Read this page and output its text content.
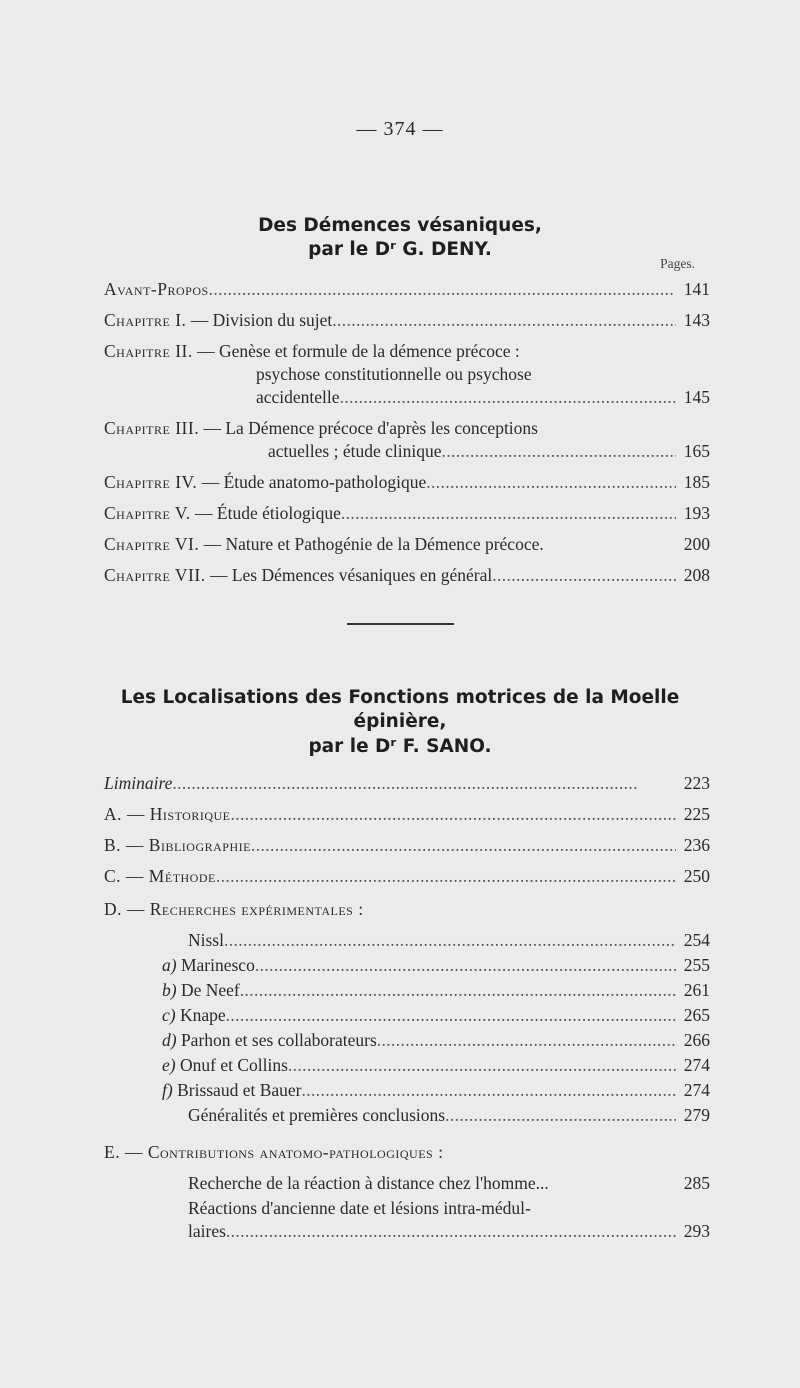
— 374 —
Des Démences vésaniques,
par le Dʳ G. DENY.
Pages.
Avant-Propos . . .	141
Chapitre I. — Division du sujet . . .	143
Chapitre II. — Genèse et formule de la démence précoce :
psychose constitutionnelle ou psychose
accidentelle . . .	145
Chapitre III. — La Démence précoce d'après les conceptions
actuelles ; étude clinique . . .	165
Chapitre IV. — Étude anatomo-pathologique . . .	185
Chapitre V. — Étude étiologique . . .	193
Chapitre VI. — Nature et Pathogénie de la Démence précoce.	200
Chapitre VII. — Les Démences vésaniques en général . . .	208
Les Localisations des Fonctions motrices de la Moelle
épinière,
par le Dʳ F. SANO.
Liminaire . . .	223
A. — Historique . . .	225
B. — Bibliographie . . .	236
C. — Méthode . . .	250
D. — Recherches expérimentales :
Nissl . . .	254
a) Marinesco . . .	255
b) De Neef . . .	261
c) Knape . . .	265
d) Parhon et ses collaborateurs . . .	266
e) Onuf et Collins . . .	274
f) Brissaud et Bauer . . .	274
Généralités et premières conclusions . . .	279
E. — Contributions anatomo-pathologiques :
Recherche de la réaction à distance chez l'homme...	285
Réactions d'ancienne date et lésions intra-médul-
laires . . .	293
